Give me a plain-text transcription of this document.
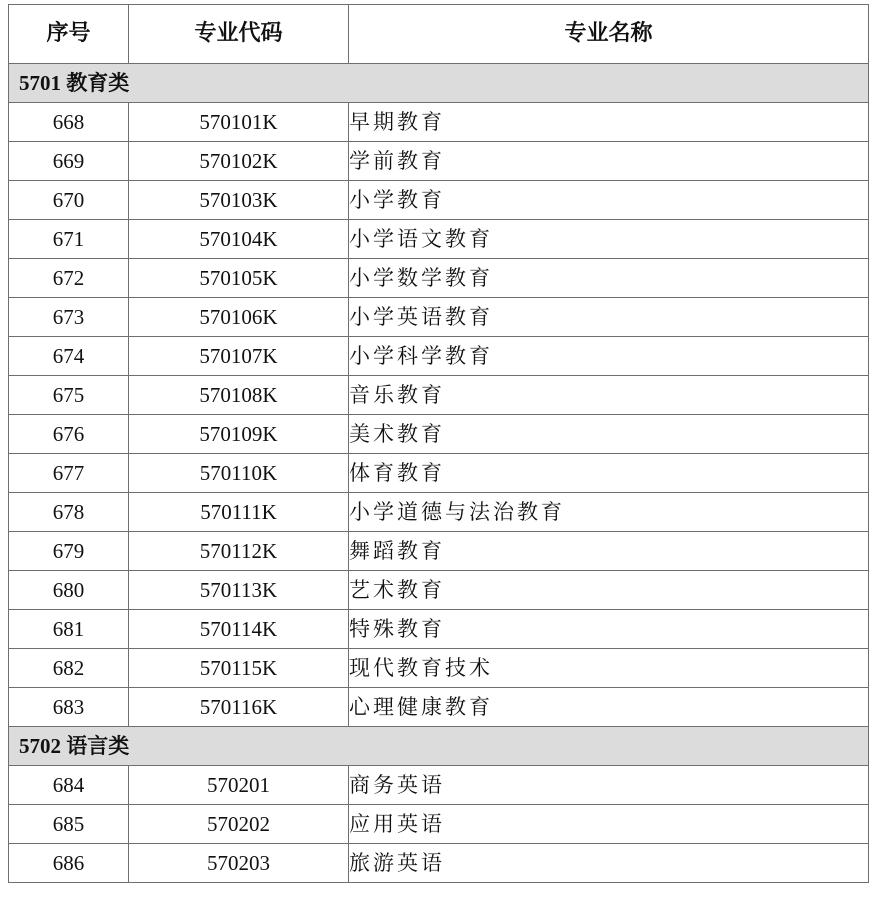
序号	专业代码	专业名称
5701 教育类		
668	570101K	早期教育
669	570102K	学前教育
670	570103K	小学教育
671	570104K	小学语文教育
672	570105K	小学数学教育
673	570106K	小学英语教育
674	570107K	小学科学教育
675	570108K	音乐教育
676	570109K	美术教育
677	570110K	体育教育
678	570111K	小学道德与法治教育
679	570112K	舞蹈教育
680	570113K	艺术教育
681	570114K	特殊教育
682	570115K	现代教育技术
683	570116K	心理健康教育
5702 语言类		
684	570201	商务英语
685	570202	应用英语
686	570203	旅游英语
